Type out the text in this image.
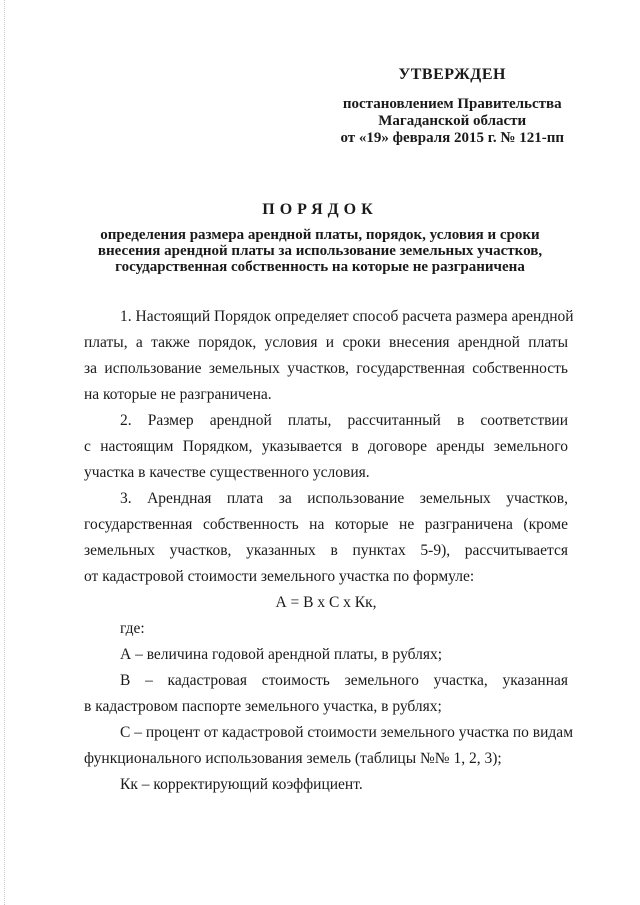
УТВЕРЖДЕН
постановлением Правительства
Магаданской области
от «19» февраля 2015 г. № 121-пп
ПОРЯДОК
определения размера арендной платы, порядок, условия и сроки
внесения арендной платы за использование земельных участков,
государственная собственность на которые не разграничена
1. Настоящий Порядок определяет способ расчета размера арендной
платы, а также порядок, условия и сроки внесения арендной платы
за использование земельных участков, государственная собственность
на которые не разграничена.
2. Размер арендной платы, рассчитанный в соответствии
с настоящим Порядком, указывается в договоре аренды земельного
участка в качестве существенного условия.
3. Арендная плата за использование земельных участков,
государственная собственность на которые не разграничена (кроме
земельных участков, указанных в пунктах 5-9), рассчитывается
от кадастровой стоимости земельного участка по формуле:
А = В х С х Кк,
где:
А – величина годовой арендной платы, в рублях;
В – кадастровая стоимость земельного участка, указанная
в кадастровом паспорте земельного участка, в рублях;
С – процент от кадастровой стоимости земельного участка по видам
функционального использования земель (таблицы №№ 1, 2, 3);
Кк – корректирующий коэффициент.
